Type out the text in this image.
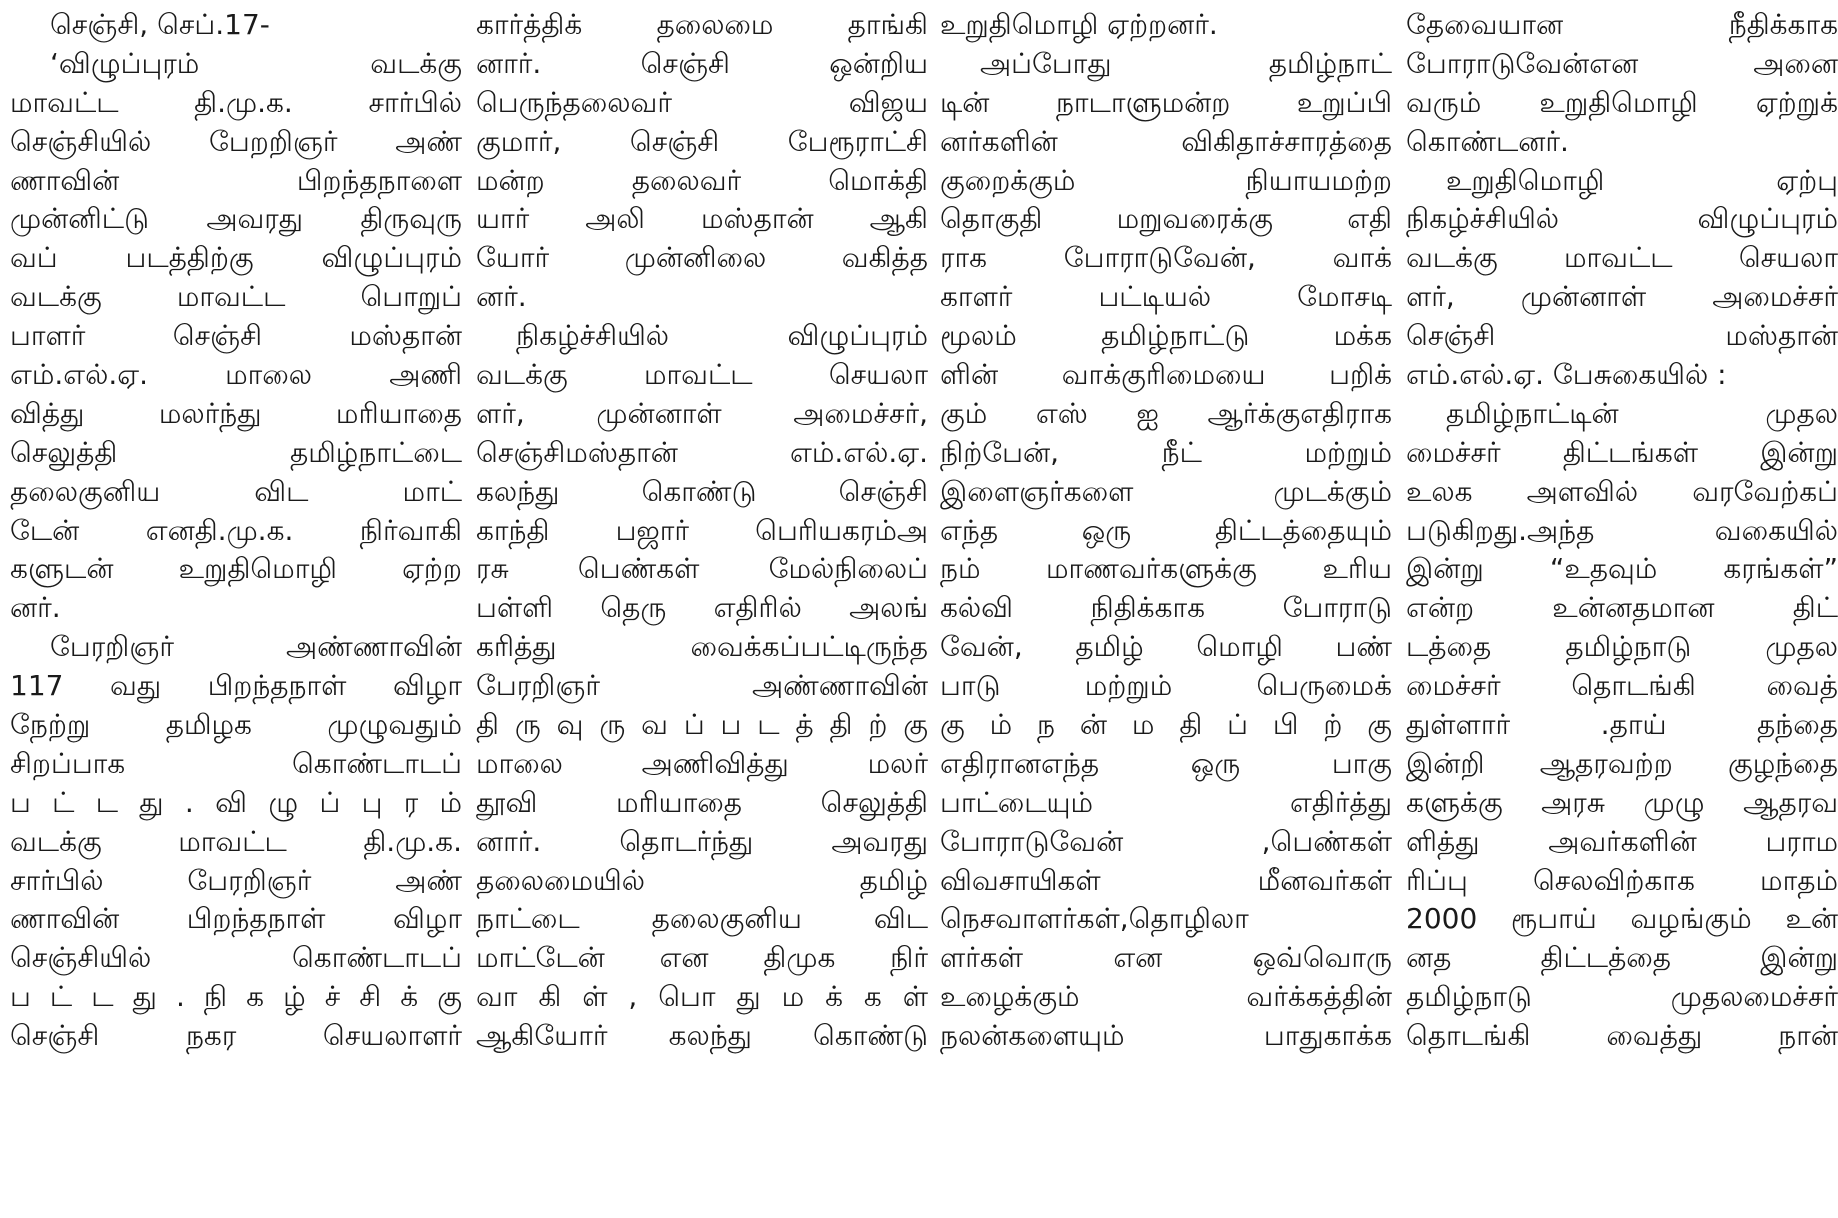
செஞ்சி, செப்.17-
‘விழுப்புரம் வடக்கு
மாவட்ட தி.மு.க. சார்பில்
செஞ்சியில் பேறறிஞர் அண்
ணாவின் பிறந்தநாளை
முன்னிட்டு அவரது திருவுரு
வப் படத்திற்கு விழுப்புரம்
வடக்கு மாவட்ட பொறுப்
பாளர் செஞ்சி மஸ்தான்
எம்.எல்.ஏ. மாலை அணி
வித்து மலர்ந்து மரியாதை
செலுத்தி தமிழ்நாட்டை
தலைகுனிய விட மாட்
டேன் எனதி.மு.க. நிர்வாகி
களுடன் உறுதிமொழி ஏற்ற
னர்.
பேரறிஞர் அண்ணாவின்
117 வது பிறந்தநாள் விழா
நேற்று தமிழக முழுவதும்
சிறப்பாக கொண்டாடப்
ப ட் ட து . வி ழு ப் பு ர ம்
வடக்கு மாவட்ட தி.மு.க.
சார்பில் பேரறிஞர் அண்
ணாவின் பிறந்தநாள் விழா
செஞ்சியில் கொண்டாடப்
ப ட் ட து . நி க ழ் ச் சி க் கு
செஞ்சி நகர செயலாளர்
கார்த்திக் தலைமை தாங்கி
னார். செஞ்சி ஒன்றிய
பெருந்தலைவர் விஜய
குமார், செஞ்சி பேரூராட்சி
மன்ற தலைவர் மொக்தி
யார் அலி மஸ்தான் ஆகி
யோர் முன்னிலை வகித்த
னர்.
நிகழ்ச்சியில் விழுப்புரம்
வடக்கு மாவட்ட செயலா
ளர், முன்னாள் அமைச்சர்,
செஞ்சிமஸ்தான் எம்.எல்.ஏ.
கலந்து கொண்டு செஞ்சி
காந்தி பஜார் பெரியகரம்அ
ரசு பெண்கள் மேல்நிலைப்
பள்ளி தெரு எதிரில் அலங்
கரித்து வைக்கப்பட்டிருந்த
பேரறிஞர் அண்ணாவின்
தி ரு வு ரு வ ப் ப ட த் தி ற் கு
மாலை அணிவித்து மலர்
தூவி மரியாதை செலுத்தி
னார். தொடர்ந்து அவரது
தலைமையில் தமிழ்
நாட்டை தலைகுனிய விட
மாட்டேன் என திமுக நிர்
வா கி ள் , பொ து ம க் க ள்
ஆகியோர் கலந்து கொண்டு
உறுதிமொழி ஏற்றனர்.
அப்போது தமிழ்நாட்
டின் நாடாளுமன்ற உறுப்பி
னர்களின் விகிதாச்சாரத்தை
குறைக்கும் நியாயமற்ற
தொகுதி மறுவரைக்கு எதி
ராக போராடுவேன், வாக்
காளர் பட்டியல் மோசடி
மூலம் தமிழ்நாட்டு மக்க
ளின் வாக்குரிமையை பறிக்
கும் எஸ் ஐ ஆர்க்குஎதிராக
நிற்பேன், நீட் மற்றும்
இளைஞர்களை முடக்கும்
எந்த ஒரு திட்டத்தையும்
நம் மாணவர்களுக்கு உரிய
கல்வி நிதிக்காக போராடு
வேன், தமிழ் மொழி பண்
பாடு மற்றும் பெருமைக்
கு ம் ந ன் ம தி ப் பி ற் கு
எதிரானஎந்த ஒரு பாகு
பாட்டையும் எதிர்த்து
போராடுவேன் ,பெண்கள்
விவசாயிகள் மீனவர்கள்
நெசவாளர்கள்,தொழிலா
ளர்கள் என ஒவ்வொரு
உழைக்கும் வர்க்கத்தின்
நலன்களையும் பாதுகாக்க
தேவையான நீதிக்காக
போராடுவேன்என அனை
வரும் உறுதிமொழி ஏற்றுக்
கொண்டனர்.
உறுதிமொழி ஏற்பு
நிகழ்ச்சியில் விழுப்புரம்
வடக்கு மாவட்ட செயலா
ளர், முன்னாள் அமைச்சர்
செஞ்சி மஸ்தான்
எம்.எல்.ஏ. பேசுகையில் :
தமிழ்நாட்டின் முதல
மைச்சர் திட்டங்கள் இன்று
உலக அளவில் வரவேற்கப்
படுகிறது.அந்த வகையில்
இன்று “உதவும் கரங்கள்”
என்ற உன்னதமான திட்
டத்தை தமிழ்நாடு முதல
மைச்சர் தொடங்கி வைத்
துள்ளார் .தாய் தந்தை
இன்றி ஆதரவற்ற குழந்தை
களுக்கு அரசு முழு ஆதரவ
ளித்து அவர்களின் பராம
ரிப்பு செலவிற்காக மாதம்
2000 ரூபாய் வழங்கும் உன்
னத திட்டத்தை இன்று
தமிழ்நாடு முதலமைச்சர்
தொடங்கி வைத்து நான்
